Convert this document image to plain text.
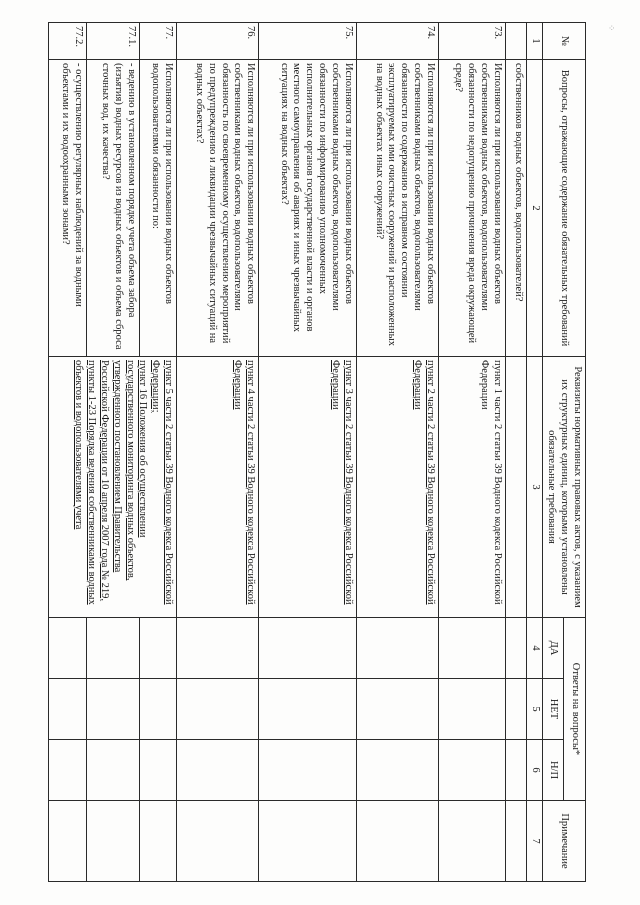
⁘
№	Вопросы, отражающие содержание обязательных требований	Реквизиты нормативных правовых актов, с указанием их структурных единиц, которыми установлены обязательные требования	Ответы на вопросы*			Примечание
			ДА	НЕТ	Н/П	
1	2	3	4	5	6	7
	собственников водных объектов, водопользователей?					
73.	Исполняются ли при использовании водных объектов собственниками водных объектов, водопользователями обязанности по недопущению причинения вреда окружающей среде?	пункт 1 части 2 статьи 39 Водного кодекса Российской Федерации				
74.	Исполняются ли при использовании водных объектов собственниками водных объектов, водопользователями обязанности по содержанию в исправном состоянии эксплуатируемых ими очистных сооружений и расположенных на водных объектах иных сооружений?	пункт 2 части 2 статьи 39 Водного кодекса Российской Федерации				
75.	Исполняются ли при использовании водных объектов собственниками водных объектов, водопользователями обязанности по информированию уполномоченных исполнительных органов государственной власти и органов местного самоуправления об авариях и иных чрезвычайных ситуациях на водных объектах?	пункт 3 части 2 статьи 39 Водного кодекса Российской Федерации				
76.	Исполняются ли при использовании водных объектов собственниками водных объектов, водопользователями обязанность по своевременному осуществлению мероприятий по предупреждению и ликвидации чрезвычайных ситуаций на водных объектах?	пункт 4 части 2 статьи 39 Водного кодекса Российской Федерации				
77.	Исполняются ли при использовании водных объектов водопользователями обязанности по:	пункт 5 части 2 статьи 39 Водного кодекса Российской Федерации;
пункт 16 Положения об осуществлении государственного мониторинга водных объектов, утвержденного постановлением Правительства Российской Федерации от 10 апреля 2007 года № 219, пункты 1-23 Порядка ведения собственниками водных объектов и водопользователями учета				
77.1.	- ведению в установленном порядке учета объема забора (изъятия) водных ресурсов из водных объектов и объема сброса сточных вод, их качества?					
77.2.	- осуществлению регулярных наблюдений за водными объектами и их водоохранными зонами?					
